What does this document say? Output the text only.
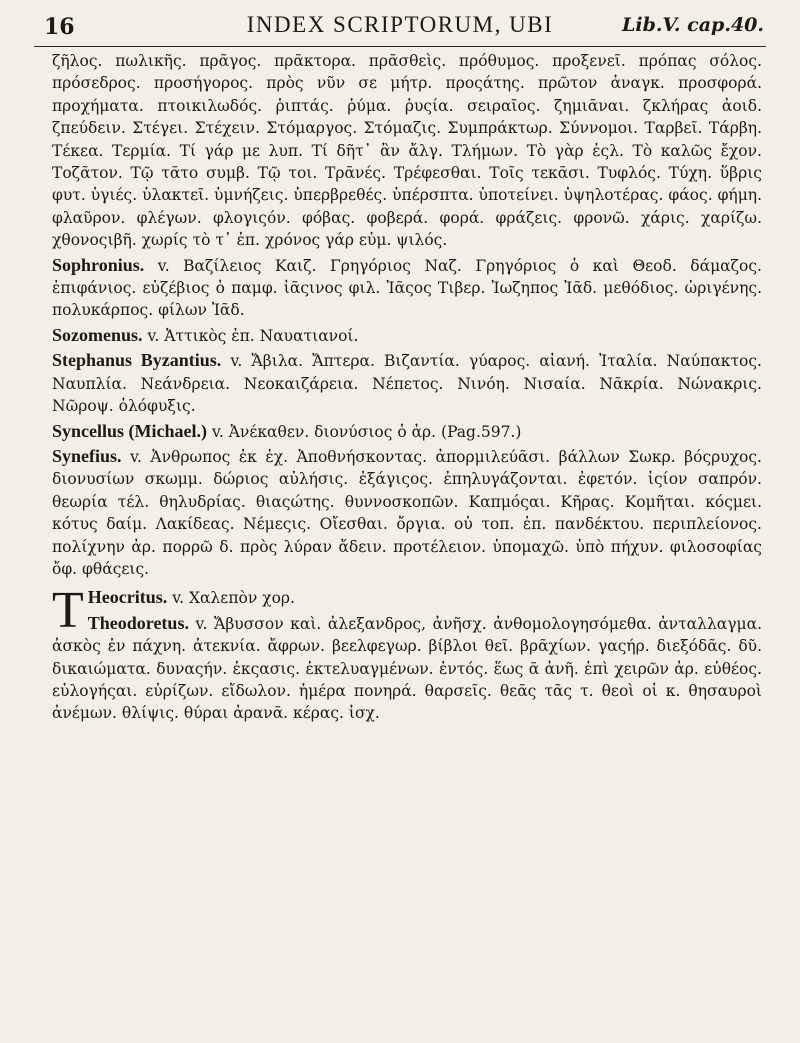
16	INDEX SCRIPTORUM, UBI	Lib.V. cap.40.

ζῆλος. πωλικῆς. πρᾶγος. πρᾶκτορα. πρᾶσθεὶς. πρόθυμος. προξενεῖ. πρόπας σόλος. πρόσεδρος. προσήγορος. πρὸς νῦν σε μήτρ. προςάτης. πρῶτον ἀναγκ. προσφορά. προχήματα. πτοικιλωδός. ῥιπτάς. ῥύμα. ῥυςία. σειραῖος. ζημιᾶναι. ζκλήρας ἀοιδ. ζπεύδειν. Στέγει. Στέχειν. Στόμαργος. Στόμαζις. Συμπράκτωρ. Σύννομοι. Ταρβεῖ. Τάρβη. Τέκεα. Τερμία. Τί γάρ με λυπ. Τί δῆτ᾽ ἂν ἄλγ. Τλήμων. Τὸ γὰρ ἐςλ. Τὸ καλῶς ἔχον. Τοζᾶτον. Τῷ τᾶτο συμβ. Τῷ τοι. Τρᾶνές. Τρέφεσθαι. Τοῖς τεκᾶσι. Τυφλός. Τύχη. ὕβρις φυτ. ὑγιές. ὑλακτεῖ. ὑμνήζεις. ὑπερβρεθές. ὑπέρσπτα. ὑποτείνει. ὑψηλοτέρας. φάος. φήμη. φλαῦρον. φλέγων. φλογιςόν. φόβας. φοβερά. φορά. φράζεις. φρονῶ. χάρις. χαρίζω. χθονοςιβῆ. χωρίς τὸ τ᾽ ἐπ. χρόνος γάρ εὐμ. ψιλός.

Sophronius. v. Βαζίλειος Καιζ. Γρηγόριος Ναζ. Γρηγόριος ὁ καὶ Θεοδ. δάμαζος. ἐπιφάνιος. εὐζέβιος ὁ παμφ. ἰᾶςινος φιλ. Ἰᾶςος Τιβερ. Ἰωζηπος Ἰᾶδ. μεθόδιος. ὠριγένης. πολυκάρπος. φίλων Ἰᾶδ.

Sozomenus. v. Ἀττικὸς ἐπ. Ναυατιανοί.

Stephanus Byzantius. v. Ἄβιλα. Ἄπτερα. Βιζαντία. γύαρος. αἰανή. Ἰταλία. Ναύπακτος. Ναυπλία. Νεάνδρεια. Νεοκαιζάρεια. Νέπετος. Νινόη. Νισαία. Νᾶκρία. Νώνακρις. Νῶροψ. ὀλόφυξις.

Syncellus (Michael.) v. Ἀνέκαθεν. διονύσιος ὁ ἀρ. (Pag.597.)

Synefius. v. Ἀνθρωπος ἐκ ἐχ. Ἀποθνήσκοντας. ἀπορμιλεύᾶσι. βάλλων Σωκρ. βόςρυχος. διονυσίων σκωμμ. δώριος αὐλήσις. ἐξάγιςος. ἐπηλυγάζονται. ἐφετόν. ἱςίον σαπρόν. θεωρία τέλ. θηλυδρίας. θιαςώτης. θυννοσκοπῶν. Καπμόςαι. Κῆρας. Κομῆται. κόςμει. κότυς δαίμ. Λακίδεας. Νέμεςις. Οἴεσθαι. ὄργια. οὐ τοπ. ἐπ. πανδέκτου. περιπλείονος. πολίχνην ἀρ. πορρῶ δ. πρὸς λύραν ἄδειν. προτέλειον. ὑπομαχῶ. ὑπὸ πήχυν. φιλοσοφίας ὄφ. φθάςεις.

T Heocritus. v. Χαλεπὸν χορ.

Theodoretus. v. Ἄβυσσον καὶ. ἀλεξανδρος, ἀνῆσχ. ἀνθομολογησόμεθα. ἀνταλλαγμα. ἀσκὸς ἐν πάχνη. ἀτεκνία. ἄφρων. βεελφεγωρ. βίβλοι θεῖ. βρᾶχίων. γαςήρ. διεξόδᾶς. δῦ. δικαιώματα. δυναςήν. ἐκςασις. ἐκτελυαγμένων. ἐντός. ἕως ᾶ ἀνῆ. ἐπὶ χειρῶν ἀρ. εὐθέος. εὐλογήςαι. εὐρίζων. εἴδωλον. ἡμέρα πονηρά. θαρσεῖς. θεᾶς τᾶς τ. θεοὶ οἱ κ. θησαυροὶ ἀνέμων. θλίψις. θύραι ἀρανᾶ. κέρας. ἰσχ.
